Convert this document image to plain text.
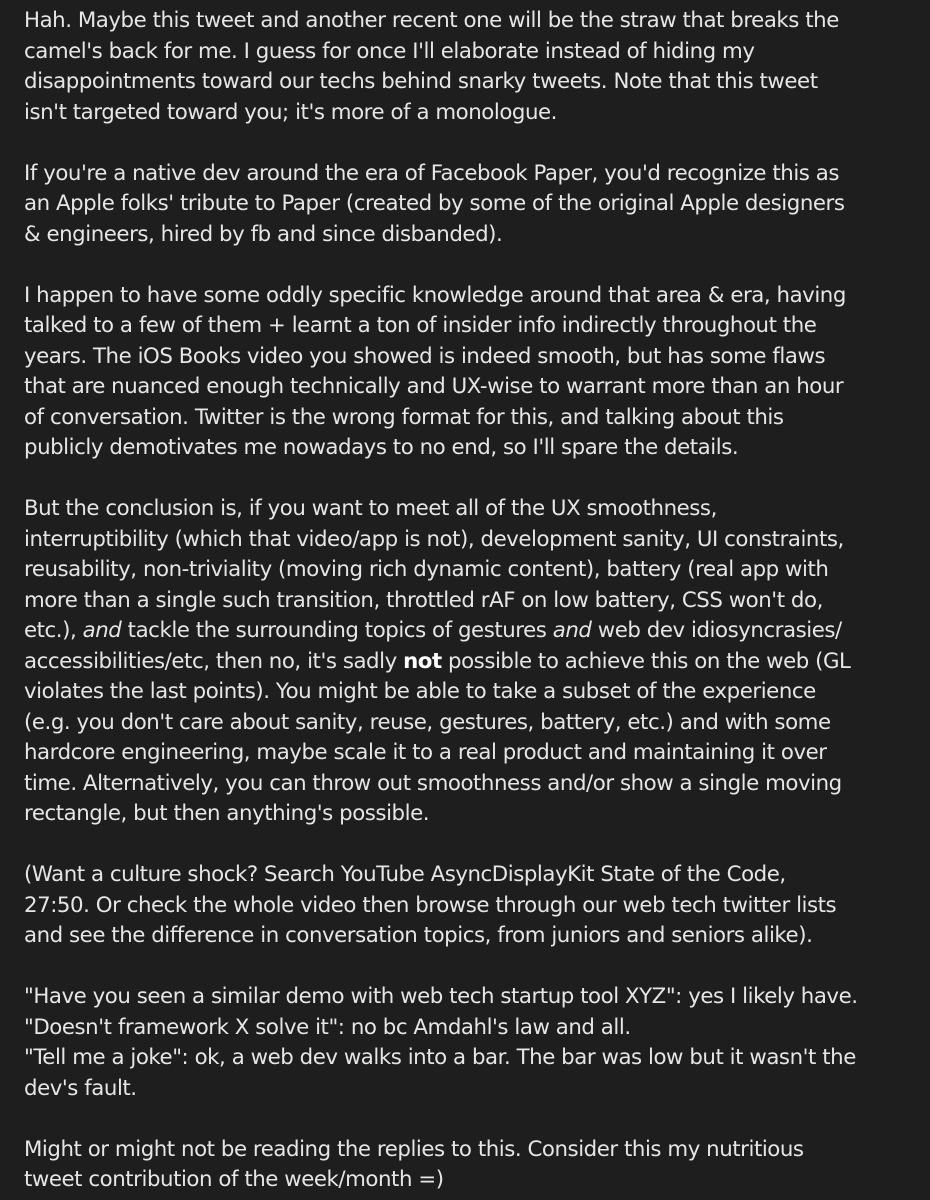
Hah. Maybe this tweet and another recent one will be the straw that breaks the
camel's back for me. I guess for once I'll elaborate instead of hiding my
disappointments toward our techs behind snarky tweets. Note that this tweet
isn't targeted toward you; it's more of a monologue.

If you're a native dev around the era of Facebook Paper, you'd recognize this as
an Apple folks' tribute to Paper (created by some of the original Apple designers
& engineers, hired by fb and since disbanded).

I happen to have some oddly specific knowledge around that area & era, having
talked to a few of them + learnt a ton of insider info indirectly throughout the
years. The iOS Books video you showed is indeed smooth, but has some flaws
that are nuanced enough technically and UX-wise to warrant more than an hour
of conversation. Twitter is the wrong format for this, and talking about this
publicly demotivates me nowadays to no end, so I'll spare the details.

But the conclusion is, if you want to meet all of the UX smoothness,
interruptibility (which that video/app is not), development sanity, UI constraints,
reusability, non-triviality (moving rich dynamic content), battery (real app with
more than a single such transition, throttled rAF on low battery, CSS won't do,
etc.), and tackle the surrounding topics of gestures and web dev idiosyncrasies/
accessibilities/etc, then no, it's sadly not possible to achieve this on the web (GL
violates the last points). You might be able to take a subset of the experience
(e.g. you don't care about sanity, reuse, gestures, battery, etc.) and with some
hardcore engineering, maybe scale it to a real product and maintaining it over
time. Alternatively, you can throw out smoothness and/or show a single moving
rectangle, but then anything's possible.

(Want a culture shock? Search YouTube AsyncDisplayKit State of the Code,
27:50. Or check the whole video then browse through our web tech twitter lists
and see the difference in conversation topics, from juniors and seniors alike).

"Have you seen a similar demo with web tech startup tool XYZ": yes I likely have.
"Doesn't framework X solve it": no bc Amdahl's law and all.
"Tell me a joke": ok, a web dev walks into a bar. The bar was low but it wasn't the
dev's fault.

Might or might not be reading the replies to this. Consider this my nutritious
tweet contribution of the week/month =)
